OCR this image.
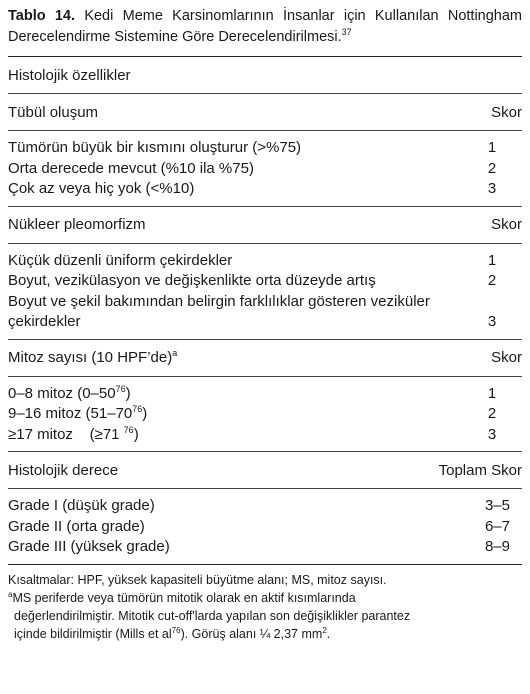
Tablo 14. Kedi Meme Karsinomlarının İnsanlar için Kullanılan Nottingham Derecelendirme Sistemine Göre Derecelendirilmesi.$^{37}$
Histolojik özellikler
Tübül oluşum	Skor
Tümörün büyük bir kısmını oluşturur (>%75)	1
Orta derecede mevcut (%10 ila %75)	2
Çok az veya hiç yok (<%10)	3
Nükleer pleomorfizm	Skor
Küçük düzenli üniform çekirdekler	1
Boyut, vezikülasyon ve değişkenlikte orta düzeyde artış	2
Boyut ve şekil bakımından belirgin farklılıklar gösteren veziküler çekirdekler	3
Mitoz sayısı (10 HPF’de)$^a$	Skor
0–8 mitoz $(0-50^{76})$	1
9–16 mitoz $(51-70^{76})$	2
≥17 mitoz    (≥71 $^{76}$)	3
Histolojik derece	Toplam Skor
Grade I (düşük grade)	3–5
Grade II (orta grade)	6–7
Grade III (yüksek grade)	8–9
Kısaltmalar: HPF, yüksek kapasiteli büyütme alanı; MS, mitoz sayısı.
$^a$MS periferde veya tümörün mitotik olarak en aktif kısımlarında
değerlendirilmiştir. Mitotik cut-off'larda yapılan son değişiklikler parantez
içinde bildirilmiştir (Mills et $al^{76}$). Görüş alanı ¼ 2,37 $mm^2$.
